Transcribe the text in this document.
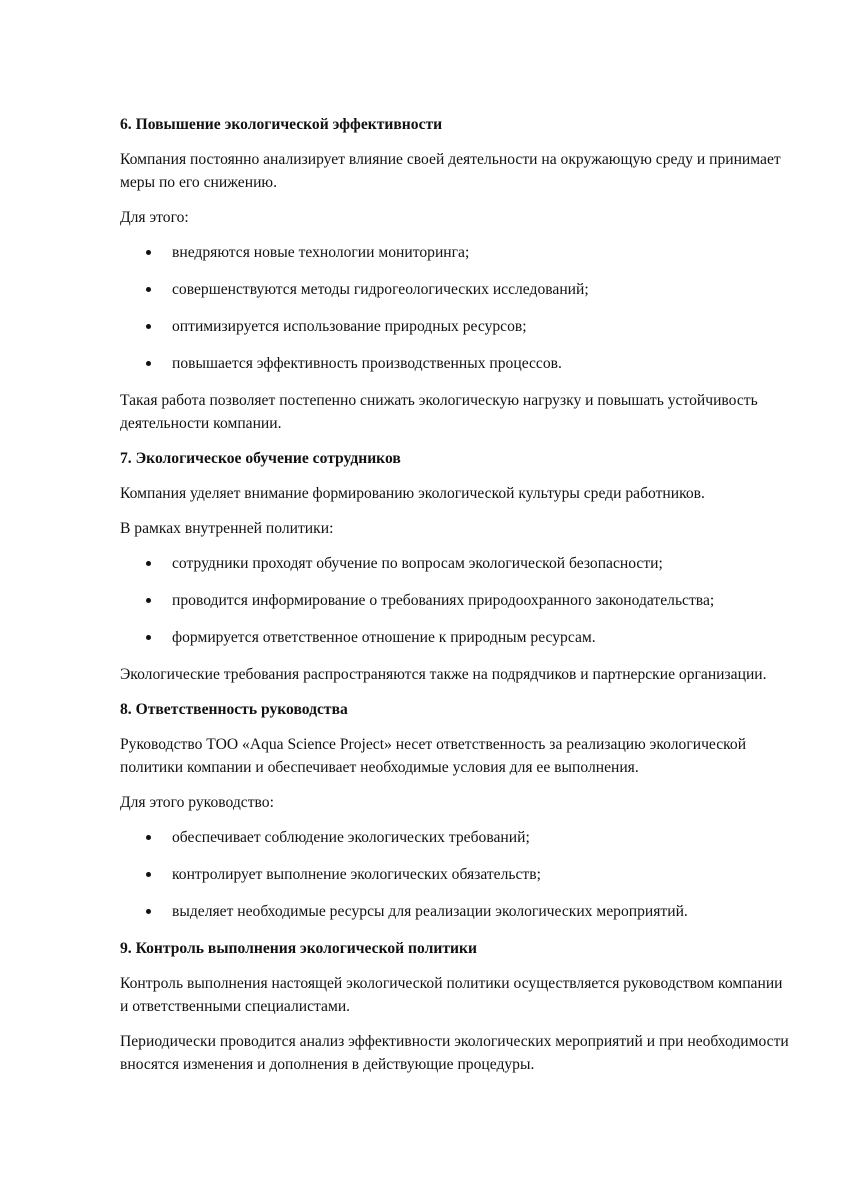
6. Повышение экологической эффективности

Компания постоянно анализирует влияние своей деятельности на окружающую среду и принимает меры по его снижению.

Для этого:

внедряются новые технологии мониторинга;
совершенствуются методы гидрогеологических исследований;
оптимизируется использование природных ресурсов;
повышается эффективность производственных процессов.

Такая работа позволяет постепенно снижать экологическую нагрузку и повышать устойчивость деятельности компании.

7. Экологическое обучение сотрудников

Компания уделяет внимание формированию экологической культуры среди работников.

В рамках внутренней политики:

сотрудники проходят обучение по вопросам экологической безопасности;
проводится информирование о требованиях природоохранного законодательства;
формируется ответственное отношение к природным ресурсам.

Экологические требования распространяются также на подрядчиков и партнерские организации.

8. Ответственность руководства

Руководство ТОО «Aqua Science Project» несет ответственность за реализацию экологической политики компании и обеспечивает необходимые условия для ее выполнения.

Для этого руководство:

обеспечивает соблюдение экологических требований;
контролирует выполнение экологических обязательств;
выделяет необходимые ресурсы для реализации экологических мероприятий.

9. Контроль выполнения экологической политики

Контроль выполнения настоящей экологической политики осуществляется руководством компании и ответственными специалистами.

Периодически проводится анализ эффективности экологических мероприятий и при необходимости вносятся изменения и дополнения в действующие процедуры.
